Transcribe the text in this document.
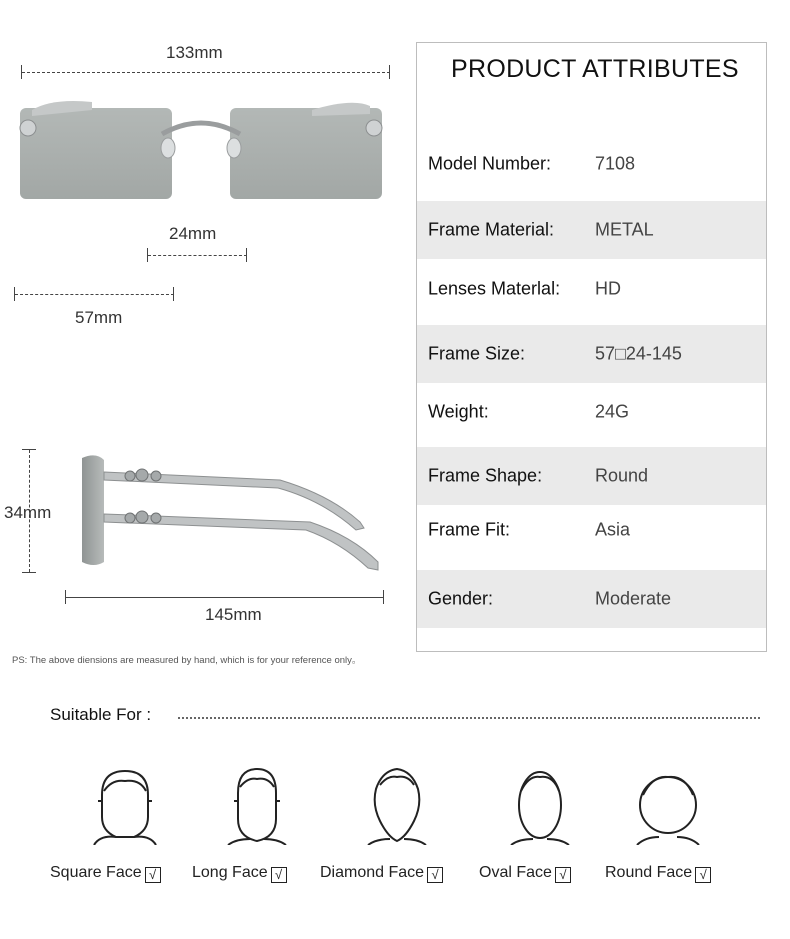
133mm
24mm
57mm
34mm
145mm
PS: The above diensions are measured by hand, which is for your reference only。
PRODUCT ATTRIBUTES
Model Number: 7108
Frame Material: METAL
Lenses Materlal: HD
Frame Size:	57□24-145
Weight:	24G
Frame Shape:	Round
Frame Fit:	Asia
Gender:	Moderate
Suitable For :
Square Face √ Long Face √ Diamond Face √	Oval Face √ Round Face √
